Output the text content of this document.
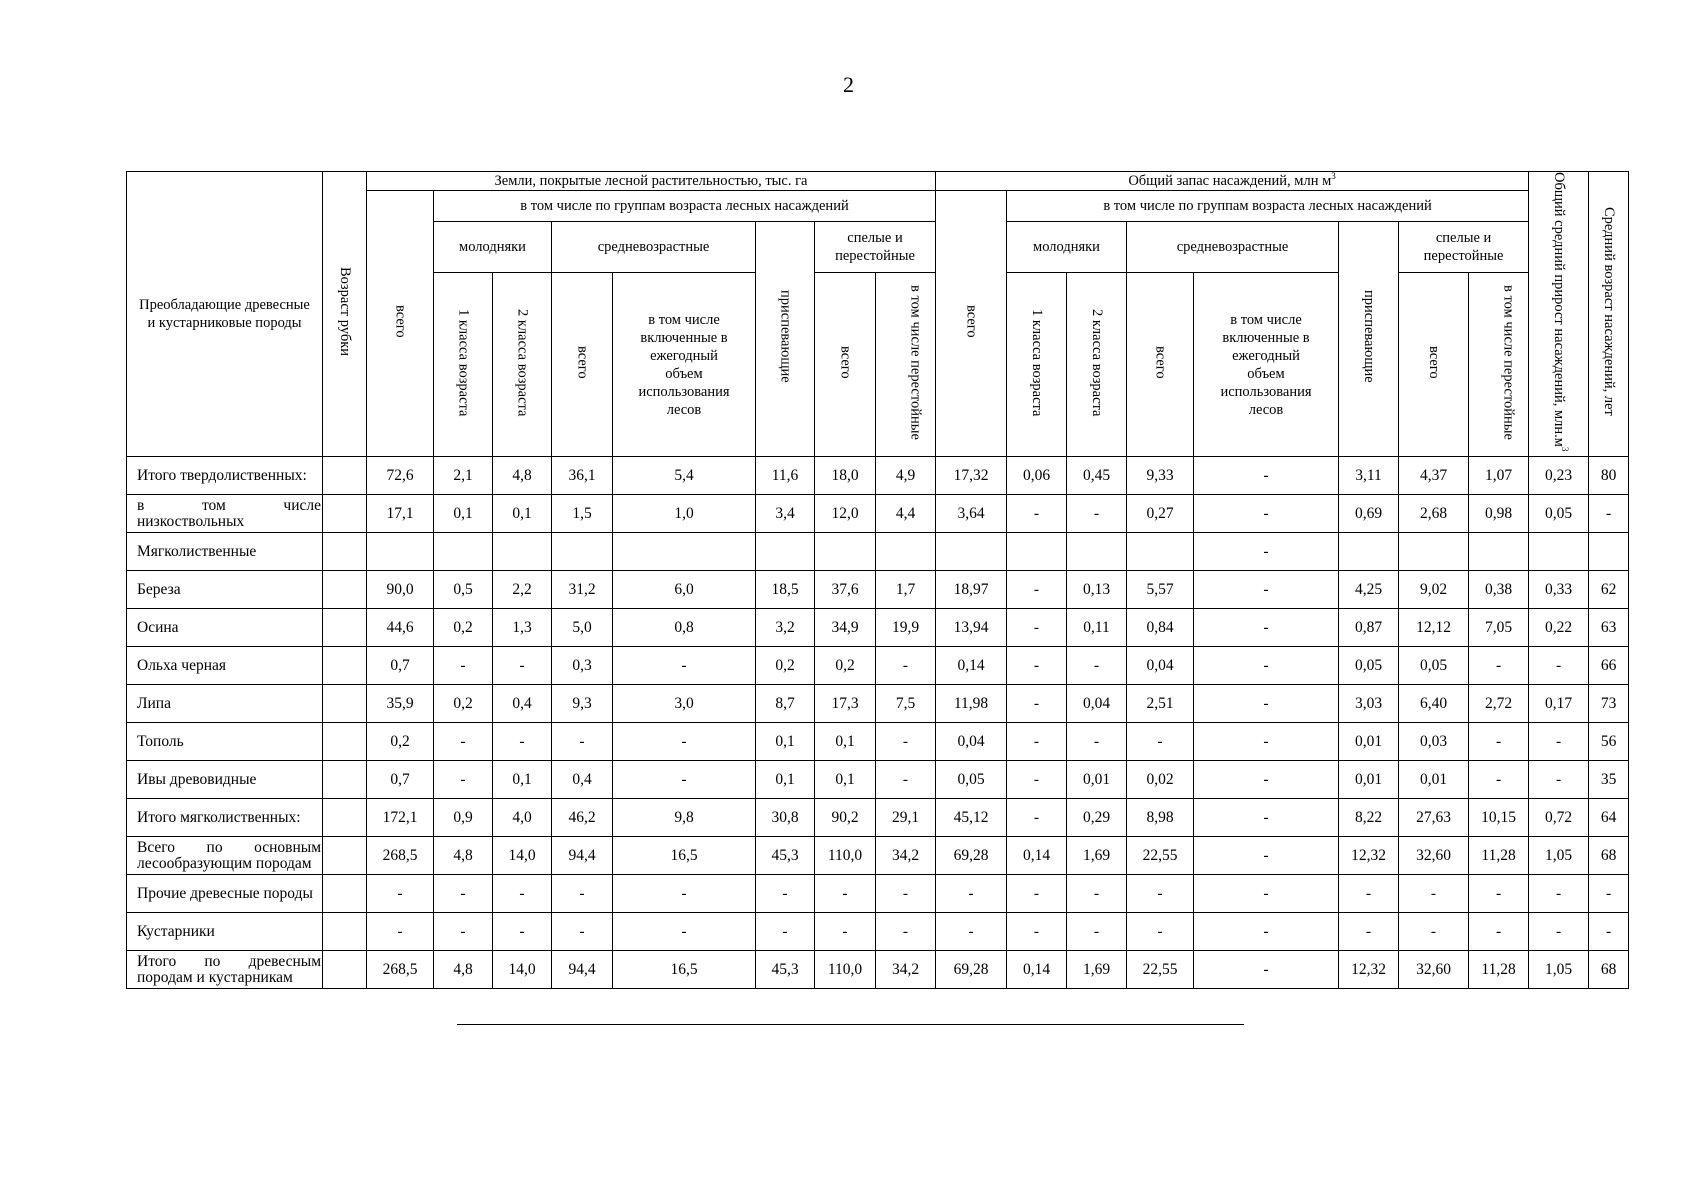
2
Преобладающие древесные и кустарниковые породы	Возраст рубки	Земли, покрытые лесной растительностью, тыс. га								Общий запас насаждений, млн $м^3$								Общий средний прирост насаждений, $млн.м^3$	Средний возраст насаждений, лет
		всего	в том числе по группам возраста лесных насаждений							всего	в том числе по группам возраста лесных насаждений								
			молодняки		средневозрастные		приспевающие	спелые и перестойные			молодняки		средневозрастные		приспевающие	спелые и перестойные			
			1 класса возраста	2 класса возраста	всего	в том числе включенные в ежегодный объем использования лесов		всего	в том числе перестойные		1 класса возраста	2 класса возраста	всего	в том числе включенные в ежегодный объем использования лесов		всего	в том числе перестойные		
Итого твердолиственных:		72,6	2,1	4,8	36,1	5,4	11,6	18,0	4,9	17,32	0,06	0,45	9,33	-	3,11	4,37	1,07	0,23	80
в том числе низкоствольных		17,1	0,1	0,1	1,5	1,0	3,4	12,0	4,4	3,64	-	-	0,27	-	0,69	2,68	0,98	0,05	-
Мягколиственные														-					
Береза		90,0	0,5	2,2	31,2	6,0	18,5	37,6	1,7	18,97	-	0,13	5,57	-	4,25	9,02	0,38	0,33	62
Осина		44,6	0,2	1,3	5,0	0,8	3,2	34,9	19,9	13,94	-	0,11	0,84	-	0,87	12,12	7,05	0,22	63
Ольха черная		0,7	-	-	0,3	-	0,2	0,2	-	0,14	-	-	0,04	-	0,05	0,05	-	-	66
Липа		35,9	0,2	0,4	9,3	3,0	8,7	17,3	7,5	11,98	-	0,04	2,51	-	3,03	6,40	2,72	0,17	73
Тополь		0,2	-	-	-	-	0,1	0,1	-	0,04	-	-	-	-	0,01	0,03	-	-	56
Ивы древовидные		0,7	-	0,1	0,4	-	0,1	0,1	-	0,05	-	0,01	0,02	-	0,01	0,01	-	-	35
Итого мягколиственных:		172,1	0,9	4,0	46,2	9,8	30,8	90,2	29,1	45,12	-	0,29	8,98	-	8,22	27,63	10,15	0,72	64
Всего по основным лесообразующим породам		268,5	4,8	14,0	94,4	16,5	45,3	110,0	34,2	69,28	0,14	1,69	22,55	-	12,32	32,60	11,28	1,05	68
Прочие древесные породы		-	-	-	-	-	-	-	-	-	-	-	-	-	-	-	-	-	-
Кустарники		-	-	-	-	-	-	-	-	-	-	-	-	-	-	-	-	-	-
Итого по древесным породам и кустарникам		268,5	4,8	14,0	94,4	16,5	45,3	110,0	34,2	69,28	0,14	1,69	22,55	-	12,32	32,60	11,28	1,05	68
